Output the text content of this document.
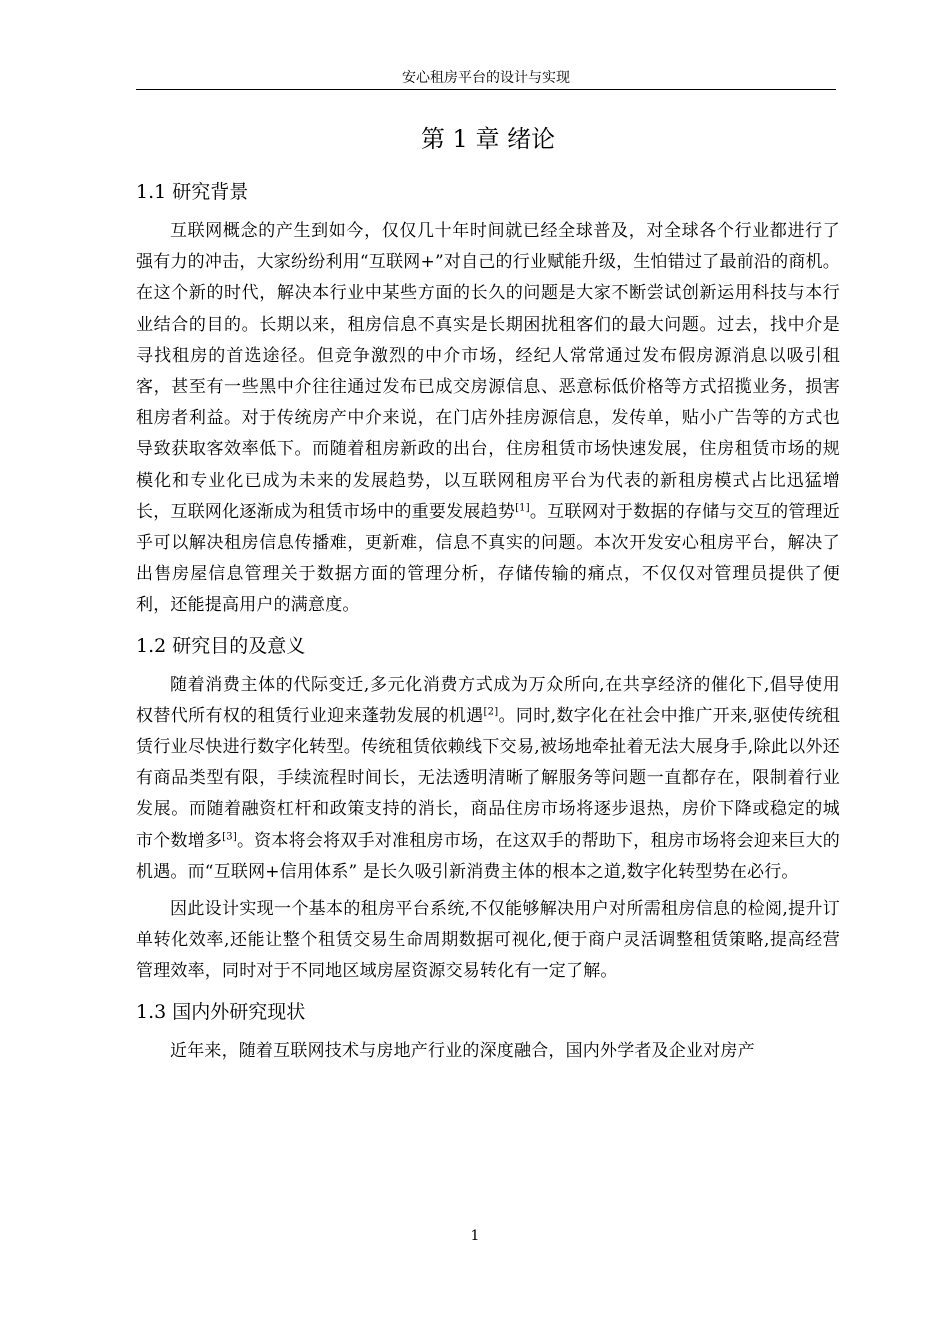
安心租房平台的设计与实现
第 1 章 绪论
1.1 研究背景

互联网概念的产生到如今，仅仅几十年时间就已经全球普及，对全球各个行业都进行了强有力的冲击，大家纷纷利用“互联网+”对自己的行业赋能升级，生怕错过了最前沿的商机。在这个新的时代，解决本行业中某些方面的长久的问题是大家不断尝试创新运用科技与本行业结合的目的。长期以来，租房信息不真实是长期困扰租客们的最大问题。过去，找中介是寻找租房的首选途径。但竞争激烈的中介市场，经纪人常常通过发布假房源消息以吸引租客，甚至有一些黑中介往往通过发布已成交房源信息、恶意标低价格等方式招揽业务，损害租房者利益。对于传统房产中介来说，在门店外挂房源信息，发传单，贴小广告等的方式也导致获取客效率低下。而随着租房新政的出台，住房租赁市场快速发展，住房租赁市场的规模化和专业化已成为未来的发展趋势，以互联网租房平台为代表的新租房模式占比迅猛增长，互联网化逐渐成为租赁市场中的重要发展趋势[1]。互联网对于数据的存储与交互的管理近乎可以解决租房信息传播难，更新难，信息不真实的问题。本次开发安心租房平台，解决了出售房屋信息管理关于数据方面的管理分析，存储传输的痛点，不仅仅对管理员提供了便利，还能提高用户的满意度。

1.2 研究目的及意义

随着消费主体的代际变迁,多元化消费方式成为万众所向,在共享经济的催化下,倡导使用权替代所有权的租赁行业迎来蓬勃发展的机遇[2]。同时,数字化在社会中推广开来,驱使传统租赁行业尽快进行数字化转型。传统租赁依赖线下交易,被场地牵扯着无法大展身手,除此以外还有商品类型有限，手续流程时间长，无法透明清晰了解服务等问题一直都存在，限制着行业发展。而随着融资杠杆和政策支持的消长，商品住房市场将逐步退热，房价下降或稳定的城市个数增多[3]。资本将会将双手对准租房市场，在这双手的帮助下，租房市场将会迎来巨大的机遇。而“互联网+信用体系” 是长久吸引新消费主体的根本之道,数字化转型势在必行。

因此设计实现一个基本的租房平台系统,不仅能够解决用户对所需租房信息的检阅,提升订单转化效率,还能让整个租赁交易生命周期数据可视化,便于商户灵活调整租赁策略,提高经营管理效率，同时对于不同地区域房屋资源交易转化有一定了解。

1.3 国内外研究现状

近年来，随着互联网技术与房地产行业的深度融合，国内外学者及企业对房产

1
